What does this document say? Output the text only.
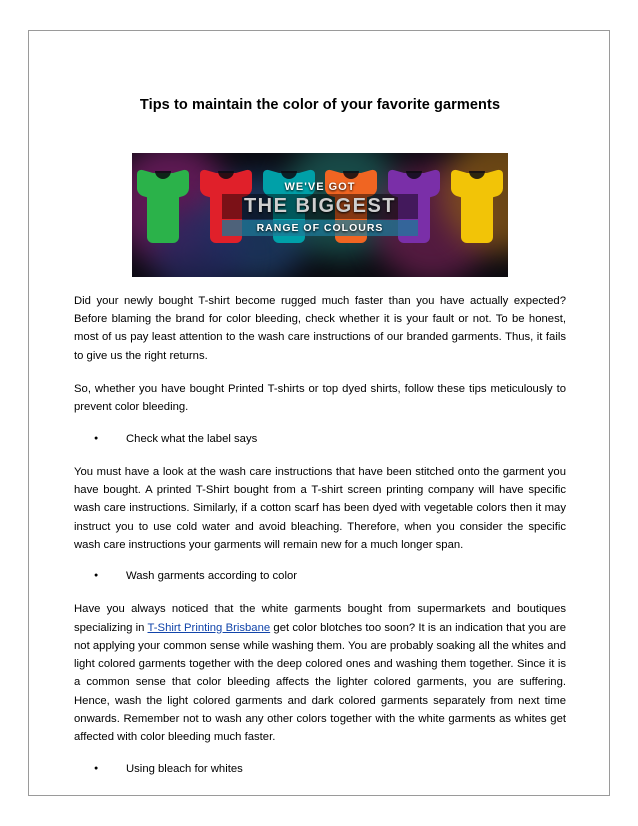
Tips to maintain the color of your favorite garments
WE'VE GOT
THE BIGGEST
RANGE OF COLOURS

Did your newly bought T-shirt become rugged much faster than you have actually expected? Before blaming the brand for color bleeding, check whether it is your fault or not. To be honest, most of us pay least attention to the wash care instructions of our branded garments. Thus, it fails to give us the right returns.

So, whether you have bought Printed T-shirts or top dyed shirts, follow these tips meticulously to prevent color bleeding.

● Check what the label says

You must have a look at the wash care instructions that have been stitched onto the garment you have bought. A printed T-Shirt bought from a T-shirt screen printing company will have specific wash care instructions. Similarly, if a cotton scarf has been dyed with vegetable colors then it may instruct you to use cold water and avoid bleaching. Therefore, when you consider the specific wash care instructions your garments will remain new for a much longer span.

● Wash garments according to color

Have you always noticed that the white garments bought from supermarkets and boutiques specializing in T-Shirt Printing Brisbane get color blotches too soon? It is an indication that you are not applying your common sense while washing them. You are probably soaking all the whites and light colored garments together with the deep colored ones and washing them together. Since it is a common sense that color bleeding affects the lighter colored garments, you are suffering. Hence, wash the light colored garments and dark colored garments separately from next time onwards. Remember not to wash any other colors together with the white garments as whites get affected with color bleeding much faster.

● Using bleach for whites
